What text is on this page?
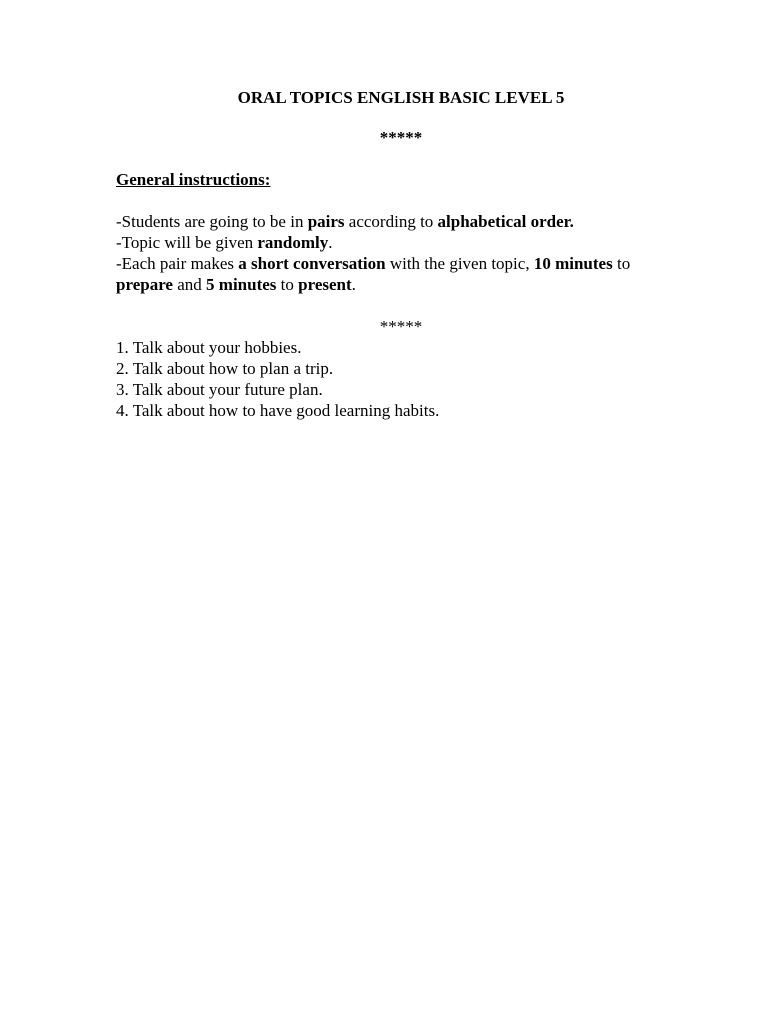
ORAL TOPICS ENGLISH BASIC LEVEL 5
*****
General instructions:

-Students are going to be in pairs according to alphabetical order.

-Topic will be given randomly.

-Each pair makes a short conversation with the given topic, 10 minutes to prepare and 5 minutes to present.

*****
1. Talk about your hobbies.
2. Talk about how to plan a trip.
3. Talk about your future plan.
4. Talk about how to have good learning habits.
